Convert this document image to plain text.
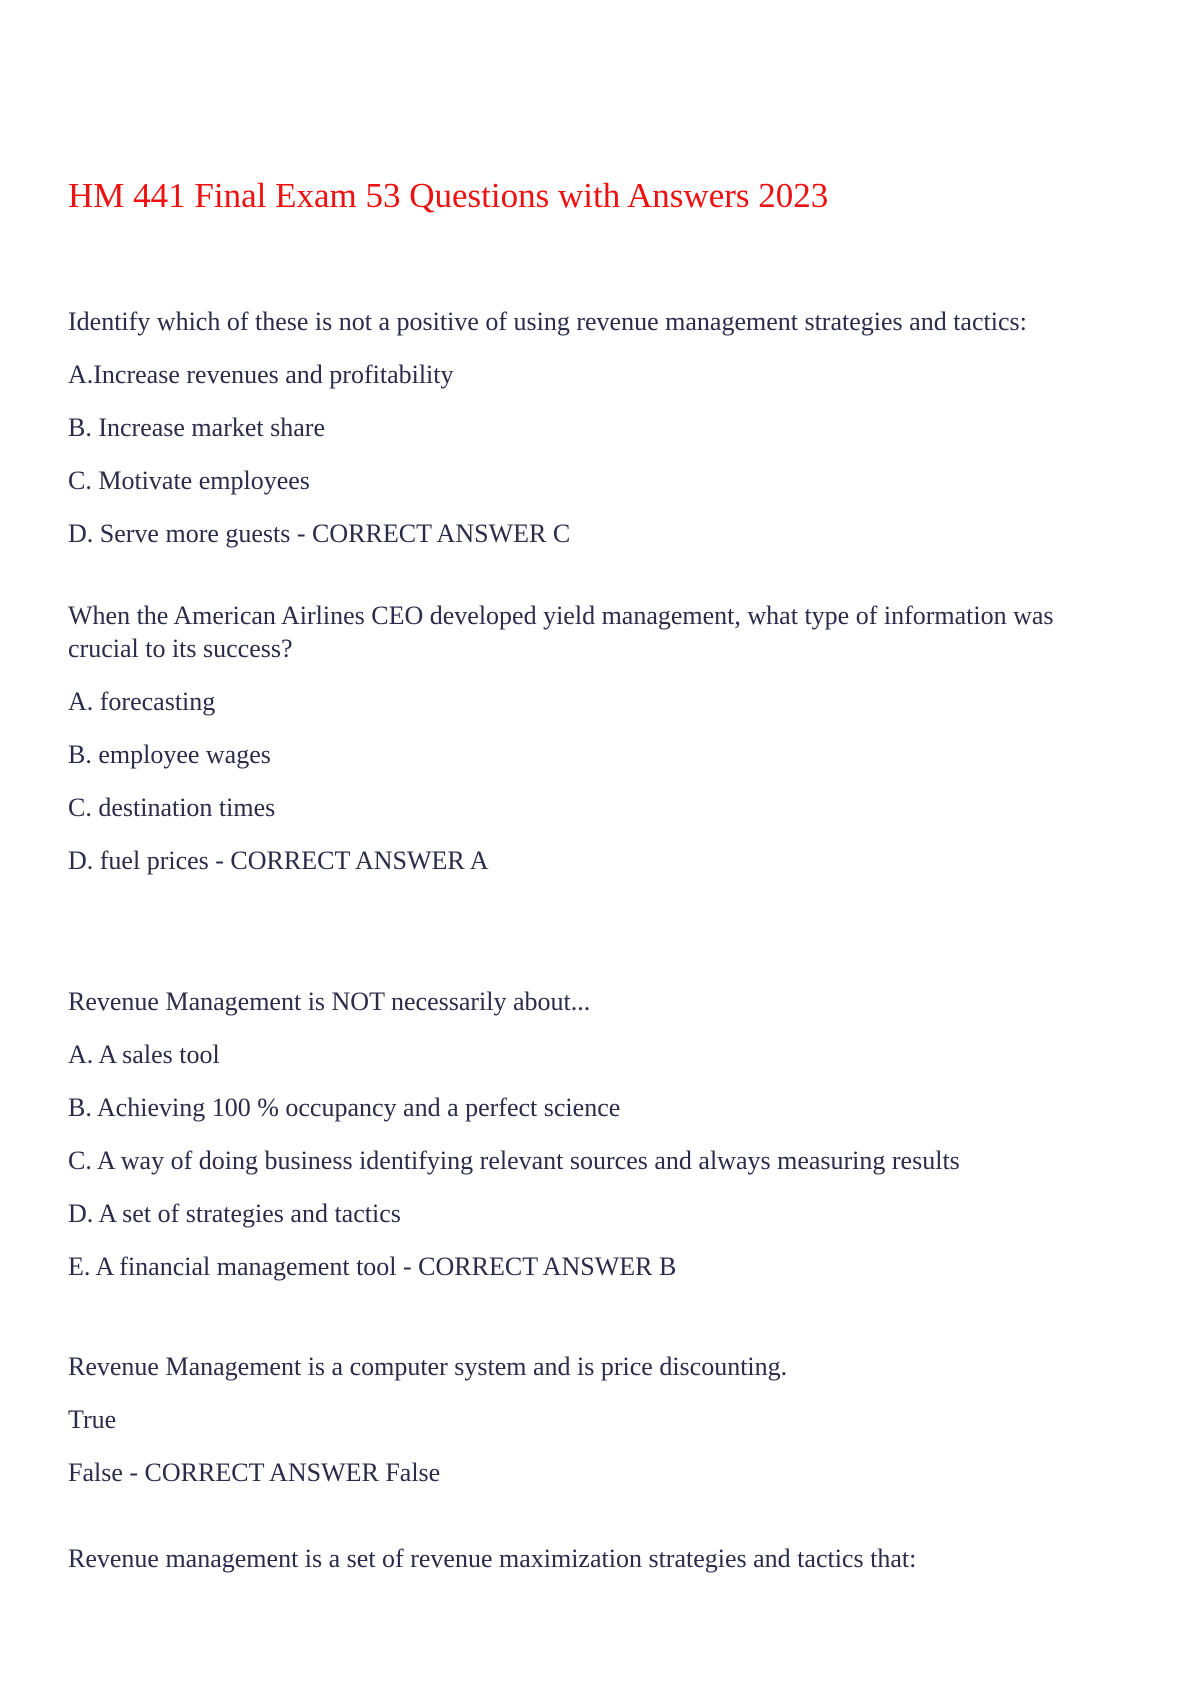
HM 441 Final Exam 53 Questions with Answers 2023

Identify which of these is not a positive of using revenue management strategies and tactics:

A.Increase revenues and profitability
B. Increase market share
C. Motivate employees
D. Serve more guests - CORRECT ANSWER C

When the American Airlines CEO developed yield management, what type of information was crucial to its success?

A. forecasting
B. employee wages
C. destination times
D. fuel prices - CORRECT ANSWER A

Revenue Management is NOT necessarily about...

A. A sales tool
B. Achieving 100 % occupancy and a perfect science
C. A way of doing business identifying relevant sources and always measuring results
D. A set of strategies and tactics
E. A financial management tool - CORRECT ANSWER B

Revenue Management is a computer system and is price discounting.

True
False - CORRECT ANSWER False

Revenue management is a set of revenue maximization strategies and tactics that:
